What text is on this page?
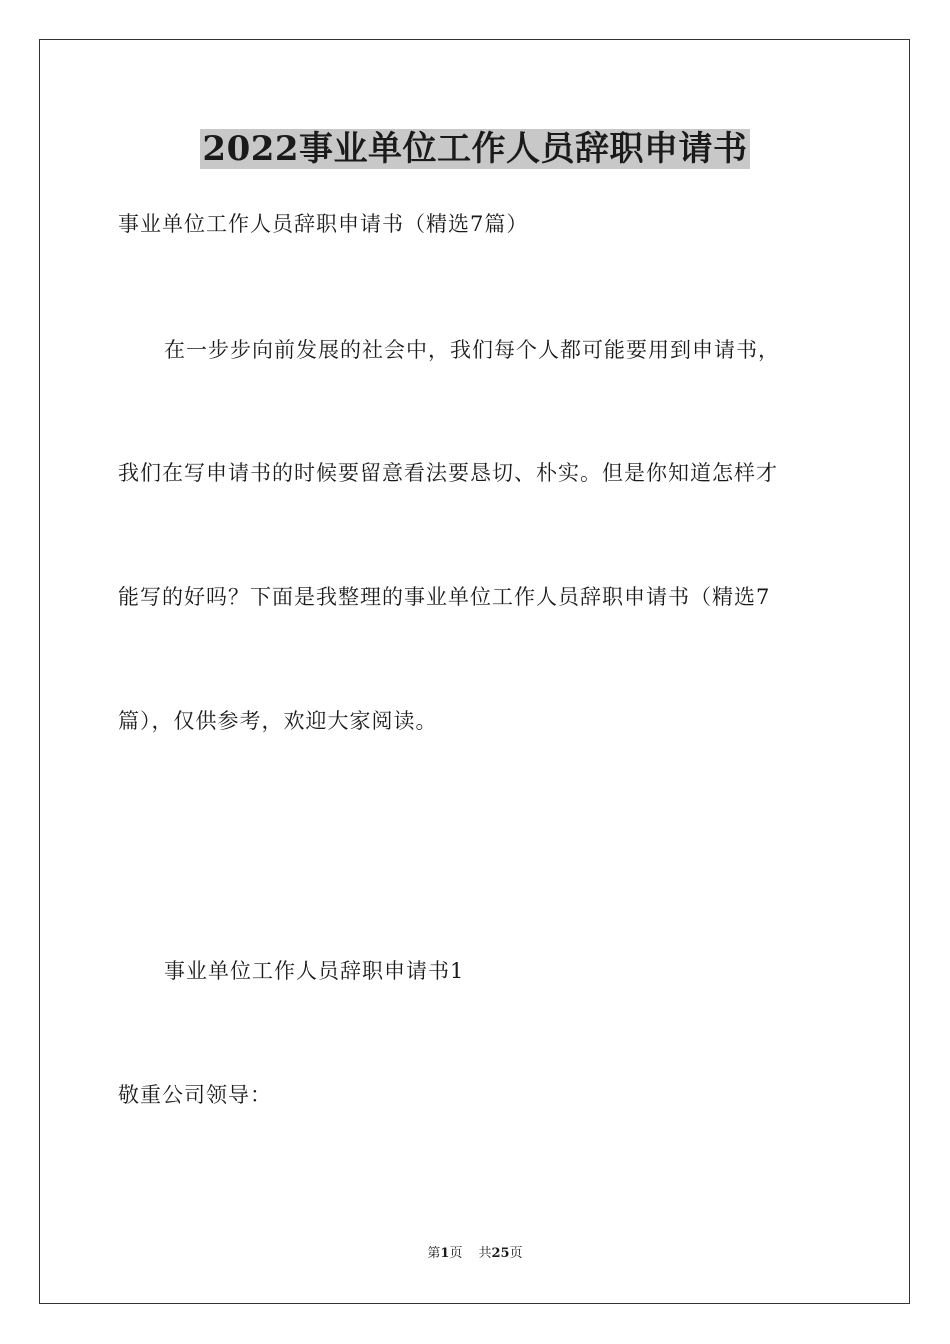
2022事业单位工作人员辞职申请书
事业单位工作人员辞职申请书（精选7篇）
在一步步向前发展的社会中，我们每个人都可能要用到申请书，
我们在写申请书的时候要留意看法要恳切、朴实。但是你知道怎样才
能写的好吗？下面是我整理的事业单位工作人员辞职申请书（精选7
篇），仅供参考，欢迎大家阅读。
事业单位工作人员辞职申请书1
敬重公司领导：
第1页 共25页
